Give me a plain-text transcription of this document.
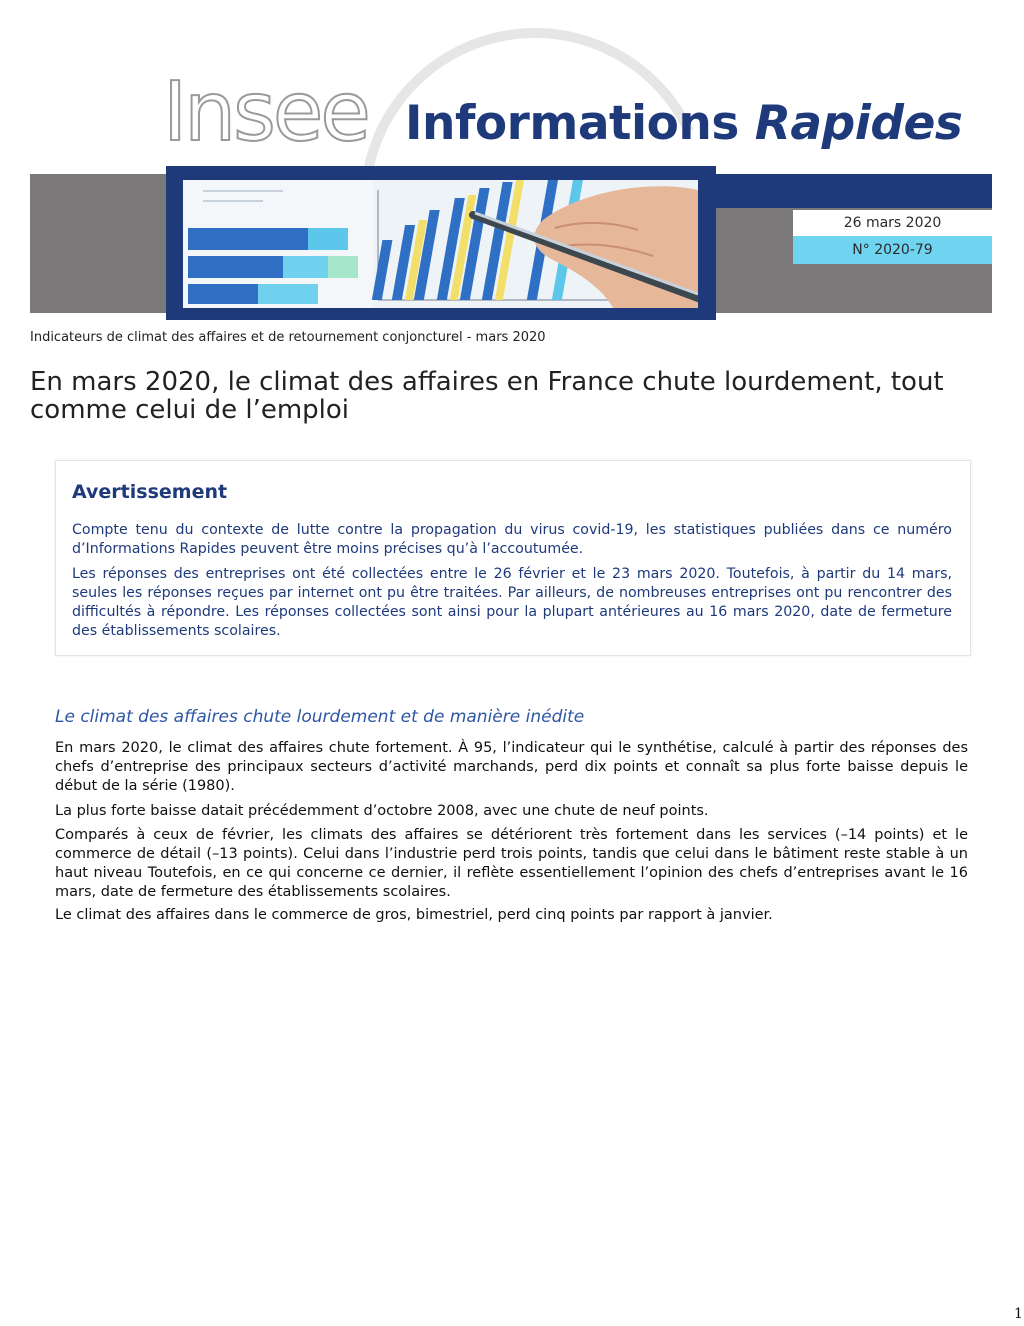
Insee Informations Rapides
26 mars 2020
N° 2020-79
Indicateurs de climat des affaires et de retournement conjoncturel - mars 2020
En mars 2020, le climat des affaires en France chute lourdement, tout comme celui de l’emploi
Avertissement

Compte tenu du contexte de lutte contre la propagation du virus covid-19, les statistiques publiées dans ce numéro d’Informations Rapides peuvent être moins précises qu’à l’accoutumée.

Les réponses des entreprises ont été collectées entre le 26 février et le 23 mars 2020. Toutefois, à partir du 14 mars, seules les réponses reçues par internet ont pu être traitées. Par ailleurs, de nombreuses entreprises ont pu rencontrer des difficultés à répondre. Les réponses collectées sont ainsi pour la plupart antérieures au 16 mars 2020, date de fermeture des établissements scolaires.

Le climat des affaires chute lourdement et de manière inédite

En mars 2020, le climat des affaires chute fortement. À 95, l’indicateur qui le synthétise, calculé à partir des réponses des chefs d’entreprise des principaux secteurs d’activité marchands, perd dix points et connaît sa plus forte baisse depuis le début de la série (1980).

La plus forte baisse datait précédemment d’octobre 2008, avec une chute de neuf points.

Comparés à ceux de février, les climats des affaires se détériorent très fortement dans les services (–14 points) et le commerce de détail (–13 points). Celui dans l’industrie perd trois points, tandis que celui dans le bâtiment reste stable à un haut niveau Toutefois, en ce qui concerne ce dernier, il reflète essentiellement l’opinion des chefs d’entreprises avant le 16 mars, date de fermeture des établissements scolaires.

Le climat des affaires dans le commerce de gros, bimestriel, perd cinq points par rapport à janvier.

1
